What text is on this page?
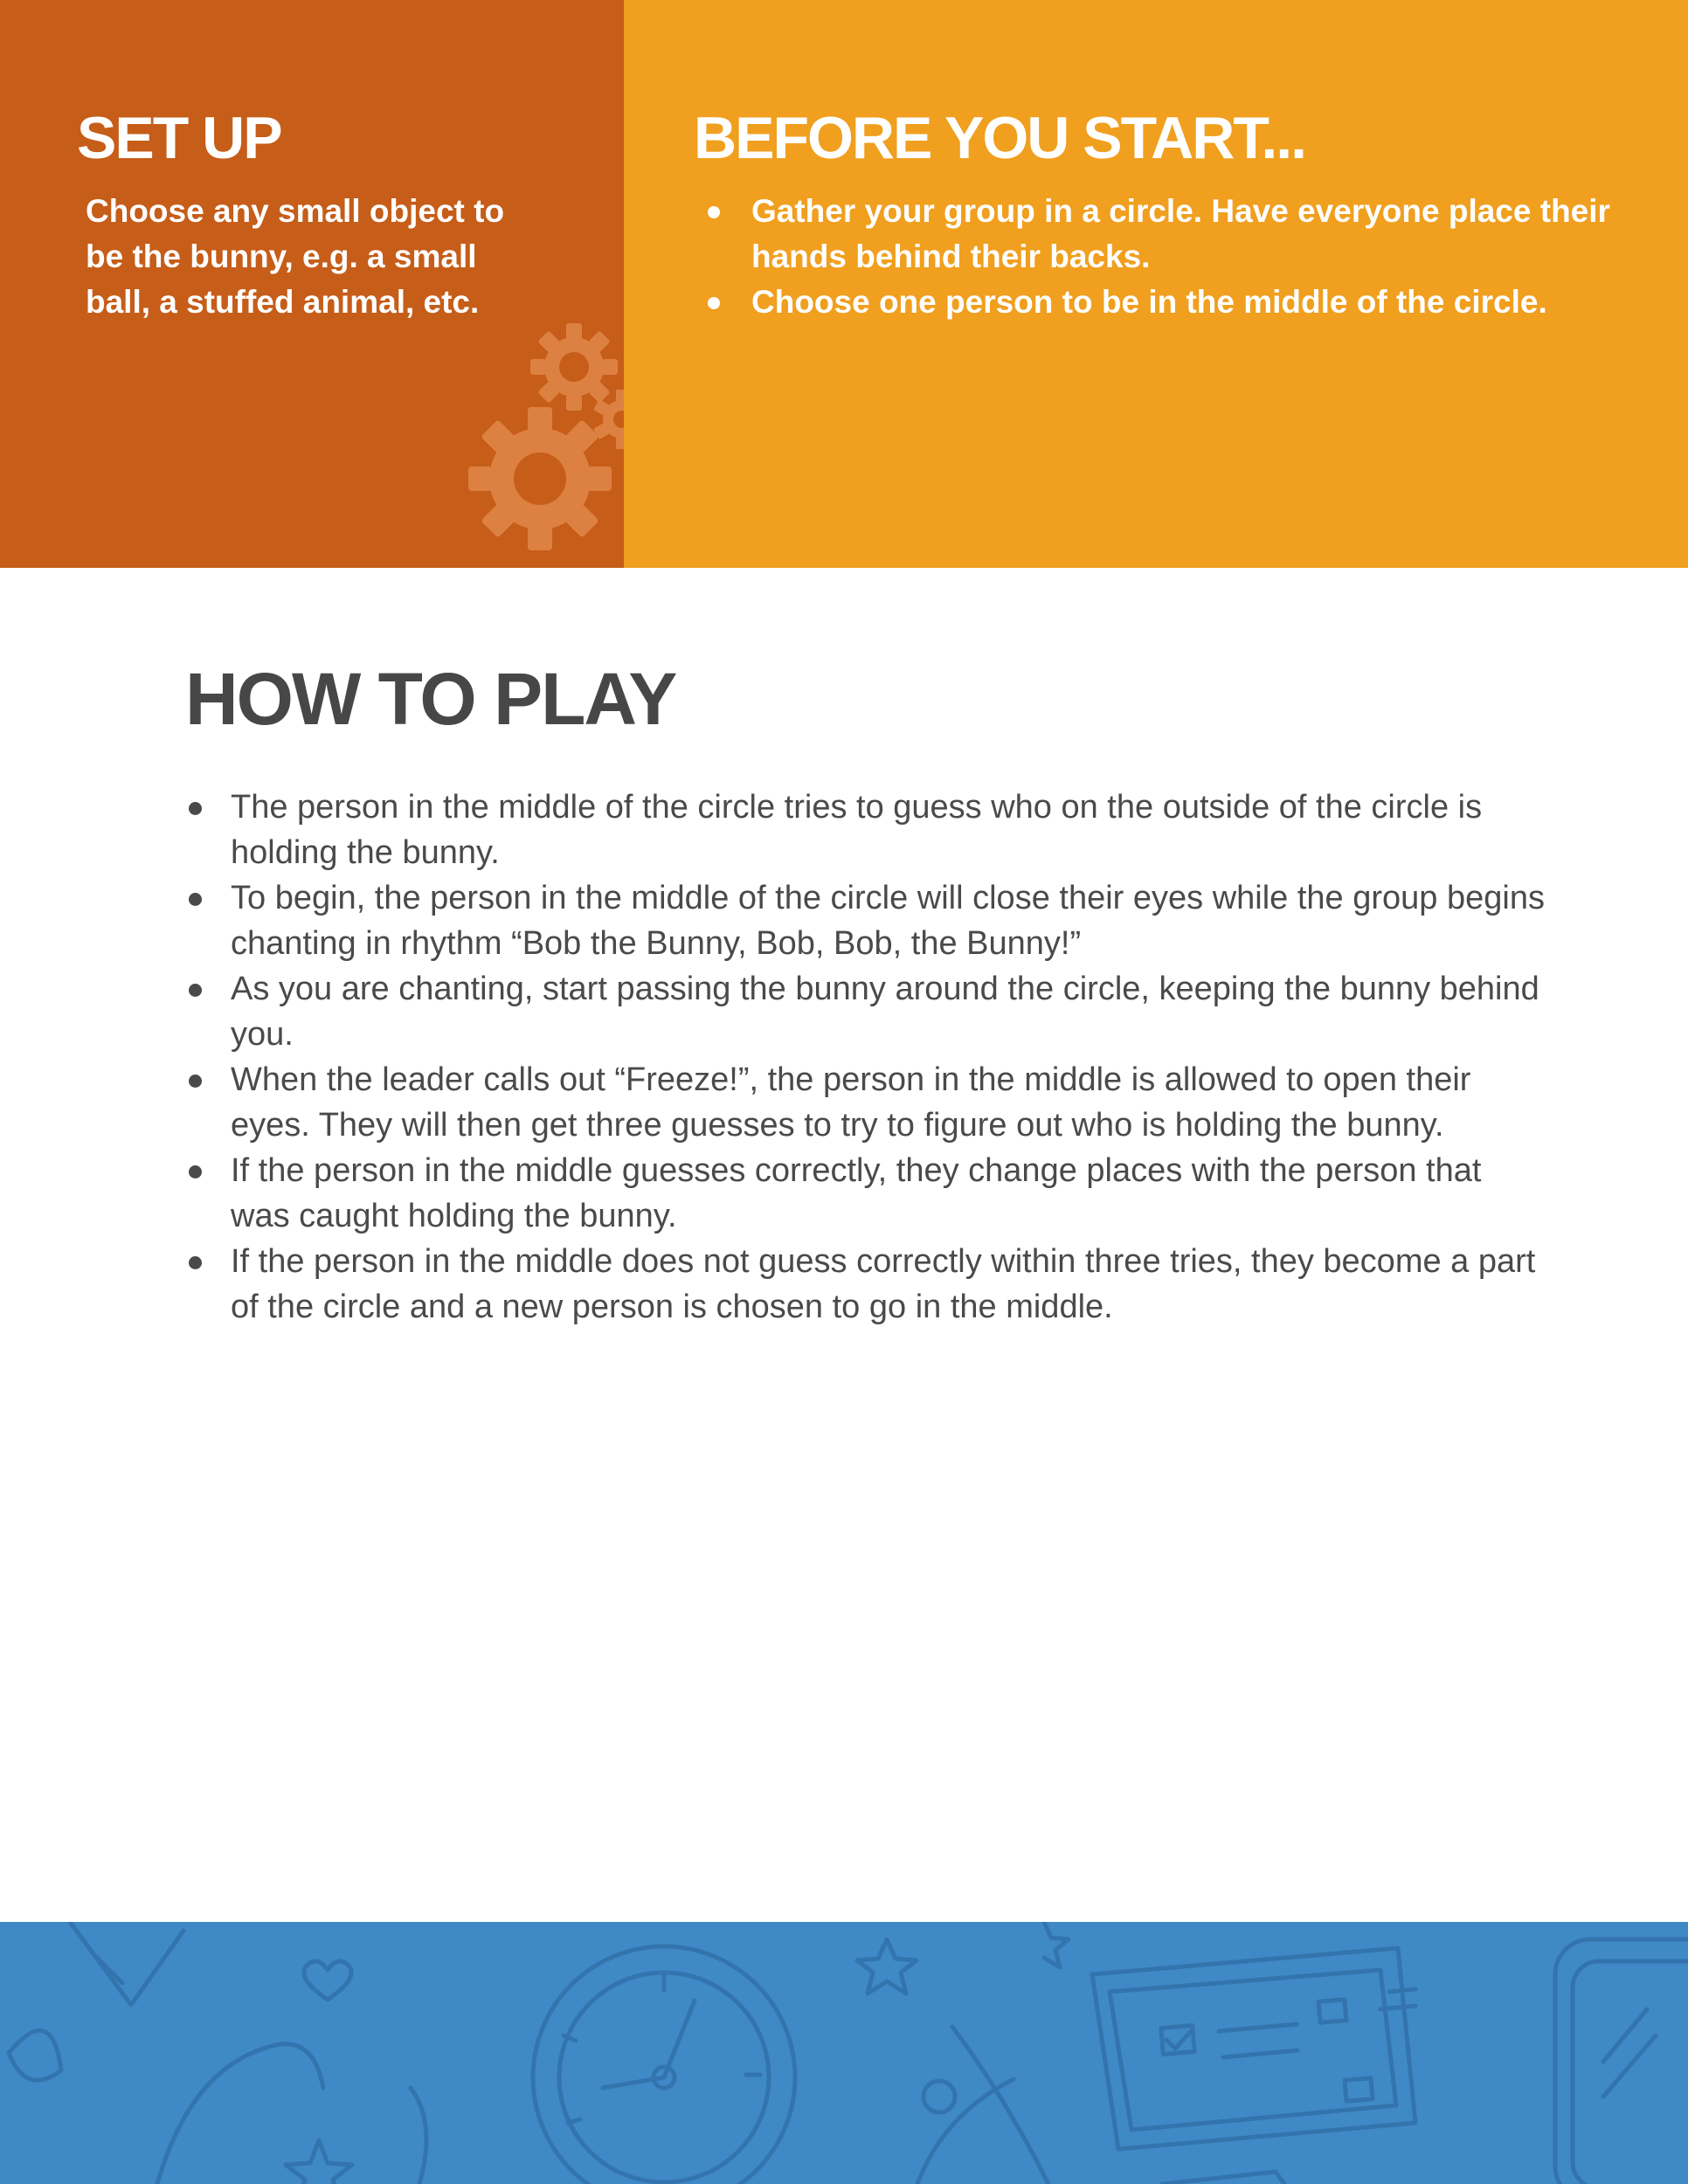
SET UP

Choose any small object to be the bunny, e.g. a small ball, a stuffed animal, etc.

BEFORE YOU START...
Gather your group in a circle. Have everyone place their hands behind their backs.
Choose one person to be in the middle of the circle.
HOW TO PLAY
The person in the middle of the circle tries to guess who on the outside of the circle is holding the bunny.
To begin, the person in the middle of the circle will close their eyes while the group begins chanting in rhythm “Bob the Bunny, Bob, Bob, the Bunny!”
As you are chanting, start passing the bunny around the circle, keeping the bunny behind you.
When the leader calls out “Freeze!”, the person in the middle is allowed to open their eyes. They will then get three guesses to try to figure out who is holding the bunny.
If the person in the middle guesses correctly, they change places with the person that was caught holding the bunny.
If the person in the middle does not guess correctly within three tries, they become a part of the circle and a new person is chosen to go in the middle.
